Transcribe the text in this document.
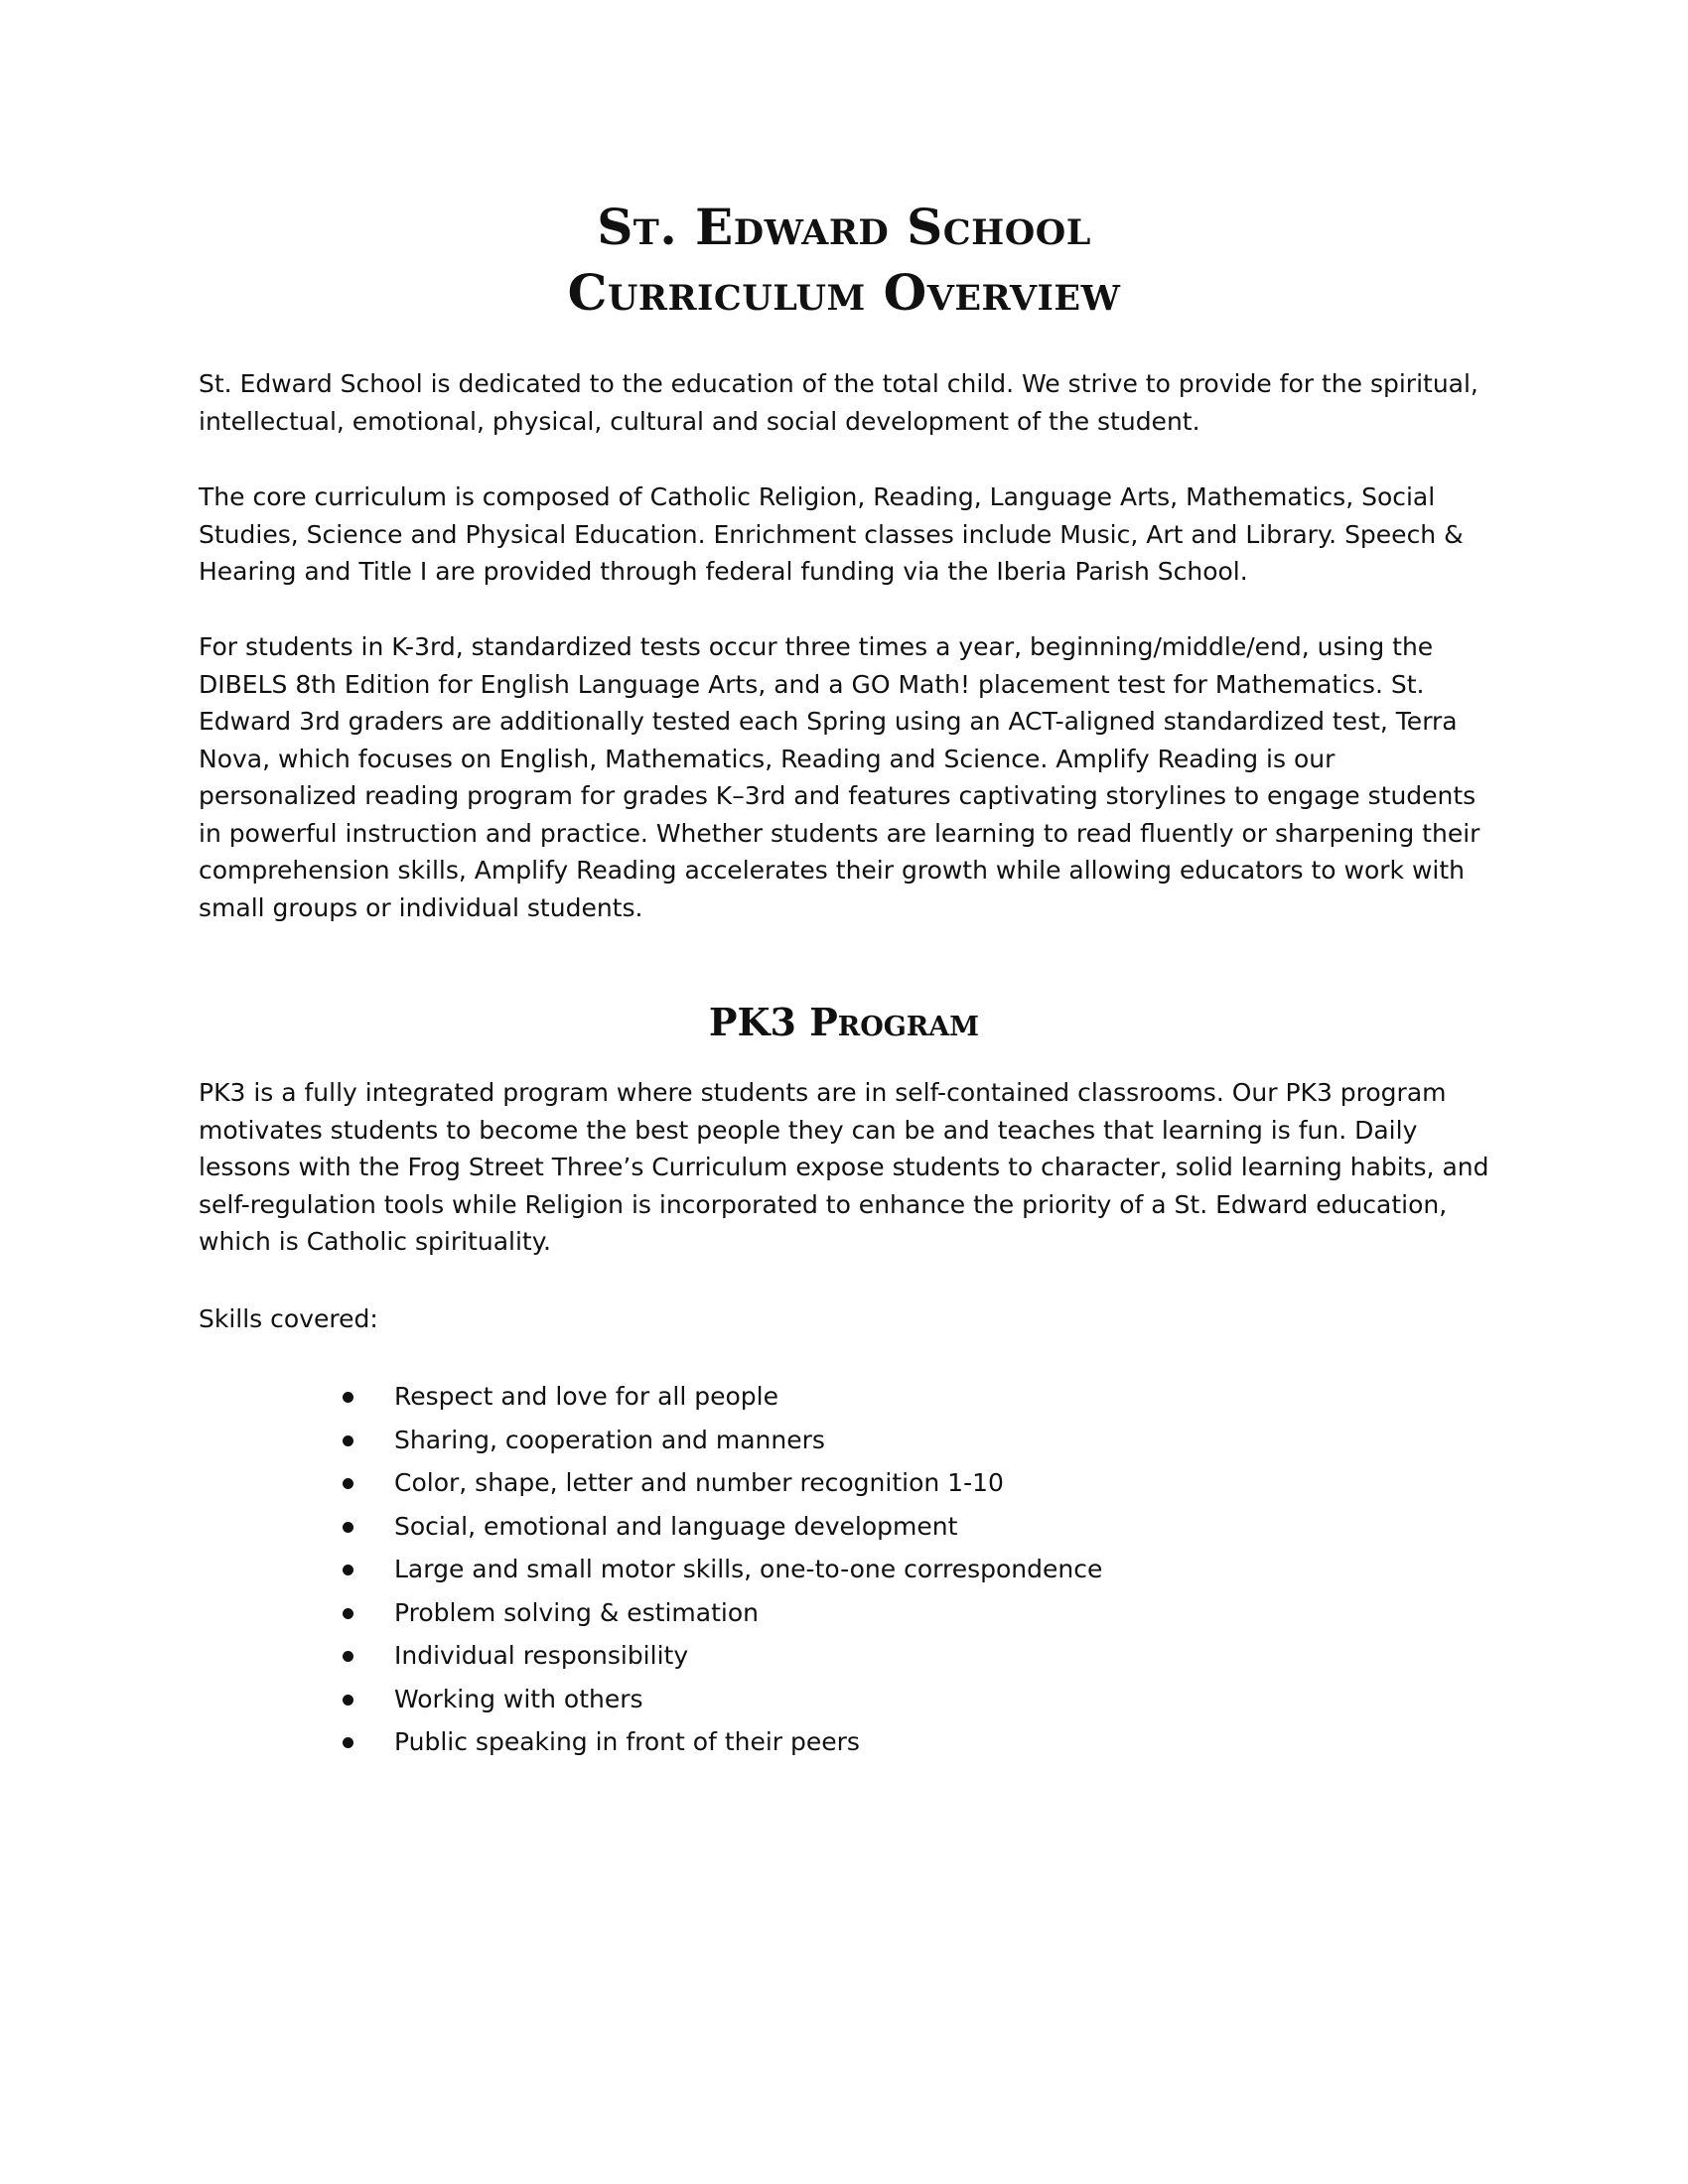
St. Edward School
Curriculum Overview

St. Edward School is dedicated to the education of the total child. We strive to provide for the spiritual, intellectual, emotional, physical, cultural and social development of the student.

The core curriculum is composed of Catholic Religion, Reading, Language Arts, Mathematics, Social Studies, Science and Physical Education. Enrichment classes include Music, Art and Library. Speech & Hearing and Title I are provided through federal funding via the Iberia Parish School.

For students in K-3rd, standardized tests occur three times a year, beginning/middle/end, using the DIBELS 8th Edition for English Language Arts, and a GO Math! placement test for Mathematics. St. Edward 3rd graders are additionally tested each Spring using an ACT-aligned standardized test, Terra Nova, which focuses on English, Mathematics, Reading and Science. Amplify Reading is our personalized reading program for grades K–3rd and features captivating storylines to engage students in powerful instruction and practice. Whether students are learning to read fluently or sharpening their comprehension skills, Amplify Reading accelerates their growth while allowing educators to work with small groups or individual students.

PK3 Program

PK3 is a fully integrated program where students are in self-contained classrooms. Our PK3 program motivates students to become the best people they can be and teaches that learning is fun. Daily lessons with the Frog Street Three’s Curriculum expose students to character, solid learning habits, and self-regulation tools while Religion is incorporated to enhance the priority of a St. Edward education, which is Catholic spirituality.

Skills covered:

Respect and love for all people
Sharing, cooperation and manners
Color, shape, letter and number recognition 1-10
Social, emotional and language development
Large and small motor skills, one-to-one correspondence
Problem solving & estimation
Individual responsibility
Working with others
Public speaking in front of their peers
